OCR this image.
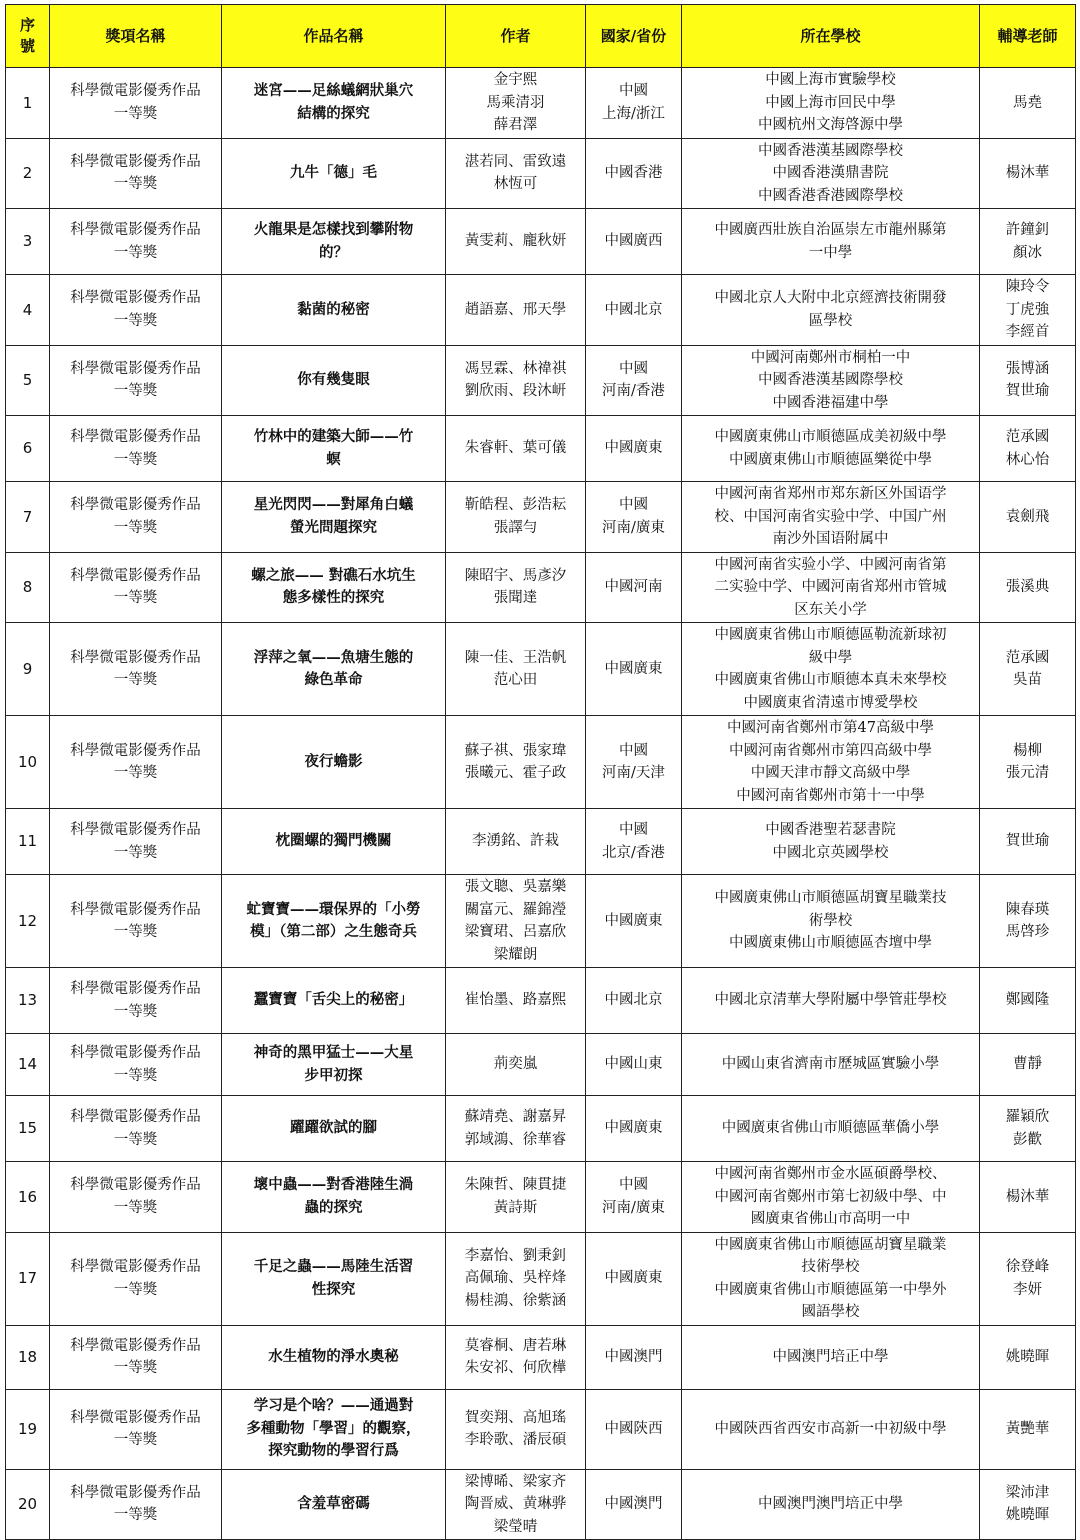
序號	獎項名稱	作品名稱	作者	國家/省份	所在學校	輔導老師

1	科學微電影優秀作品
一等獎	迷宮——足絲蟻網狀巢穴
結構的探究	金宇熙
馬乘清羽
薛君澤	中國
上海/浙江	中國上海市實驗學校
中國上海市回民中學
中國杭州文海啓源中學	馬堯

2	科學微電影優秀作品
一等獎	九牛「德」毛	湛若同、雷致遠
林恆可	中國香港	中國香港漢基國際學校
中國香港漢鼎書院
中國香港香港國際學校	楊沐華

3	科學微電影優秀作品
一等獎	火龍果是怎樣找到攀附物
的？	黃雯莉、龐秋妍	中國廣西	中國廣西壯族自治區崇左市龍州縣第
一中學	許鐘釗
顏冰

4	科學微電影優秀作品
一等獎	黏菌的秘密	趙語嘉、邢天學	中國北京	中國北京人大附中北京經濟技術開發
區學校	陳玲令
丁虎強
李經首

5	科學微電影優秀作品
一等獎	你有幾隻眼	馮昱霖、林禕祺
劉欣雨、段沐岍	中國
河南/香港	中國河南鄭州市桐柏一中
中國香港漢基國際學校
中國香港福建中學	張博涵
賀世瑜

6	科學微電影優秀作品
一等獎	竹林中的建築大師——竹
螟	朱睿軒、葉可儀	中國廣東	中國廣東佛山市順德區成美初級中學
中國廣東佛山市順德區樂從中學	范承國
林心怡

7	科學微電影優秀作品
一等獎	星光閃閃——對犀角白蟻
螢光問題探究	靳皓程、彭浩耘
張譯勻	中國
河南/廣東	中國河南省郑州市郑东新区外国语学
校、中国河南省实验中学、中国广州
南沙外国语附属中	袁劍飛

8	科學微電影優秀作品
一等獎	螺之旅—— 對礁石水坑生
態多樣性的探究	陳昭宇、馬彥汐
張聞達	中國河南	中國河南省实验小学、中國河南省第
二实验中学、中國河南省郑州市管城
区东关小学	張溪典

9	科學微電影優秀作品
一等獎	浮萍之氧——魚塘生態的
綠色革命	陳一佳、王浩帆
范心田	中國廣東	中國廣東省佛山市順德區勒流新球初
級中學
中國廣東省佛山市順德本真未來學校
中國廣東省清遠市博愛學校	范承國
吳苗

10	科學微電影優秀作品
一等獎	夜行蟾影	蘇子祺、張家瑋
張曦元、霍子政	中國
河南/天津	中國河南省鄭州市第47高級中學
中國河南省鄭州市第四高級中學
中國天津市靜文高級中學
中國河南省鄭州市第十一中學	楊柳
張元清

11	科學微電影優秀作品
一等獎	枕圈螺的獨門機關	李湧銘、許栽	中國
北京/香港	中國香港聖若瑟書院
中國北京英國學校	賀世瑜

12	科學微電影優秀作品
一等獎	虻寶寶——環保界的「小勞
模」（第二部）之生態奇兵	張文聰、吳嘉樂
關富元、羅錦瀅
梁寶珺、呂嘉欣
梁耀朗	中國廣東	中國廣東佛山市順德區胡寶星職業技
術學校
中國廣東佛山市順德區杏壇中學	陳春瑛
馬啓珍

13	科學微電影優秀作品
一等獎	蠶寶寶「舌尖上的秘密」	崔怡墨、路嘉熙	中國北京	中國北京清華大學附屬中學管莊學校	鄭國隆

14	科學微電影優秀作品
一等獎	神奇的黑甲猛士——大星
步甲初探	荊奕嵐	中國山東	中國山東省濟南市歷城區實驗小學	曹靜

15	科學微電影優秀作品
一等獎	躍躍欲試的腳	蘇靖堯、謝嘉昇
郭域鴻、徐華睿	中國廣東	中國廣東省佛山市順德區華僑小學	羅穎欣
彭歡

16	科學微電影優秀作品
一等獎	壞中蟲——對香港陸生渦
蟲的探究	朱陳哲、陳貫捷
黃詩斯	中國
河南/廣東	中國河南省鄭州市金水區碩爵學校、
中國河南省鄭州市第七初級中學、中
國廣東省佛山市高明一中	楊沐華

17	科學微電影優秀作品
一等獎	千足之蟲——馬陸生活習
性探究	李嘉怡、劉秉釗
高佩瑜、吳梓烽
楊桂鴻、徐紫涵	中國廣東	中國廣東省佛山市順德區胡寶星職業
技術學校
中國廣東省佛山市順德區第一中學外
國語學校	徐登峰
李妍

18	科學微電影優秀作品
一等獎	水生植物的淨水奧秘	莫睿桐、唐若琳
朱安祁、何欣樺	中國澳門	中國澳門培正中學	姚曉暉

19	科學微電影優秀作品
一等獎	学习是个啥？——通過對
多種動物「學習」的觀察，
探究動物的學習行爲	賀奕翔、高旭瑤
李聆歌、潘辰碩	中國陝西	中國陝西省西安市高新一中初級中學	黃艷華

20	科學微電影優秀作品
一等獎	含羞草密碼	梁博晞、梁家齐
陶晋威、黄琳骅
梁瑩晴	中國澳門	中國澳門澳門培正中學	梁沛津
姚曉暉
